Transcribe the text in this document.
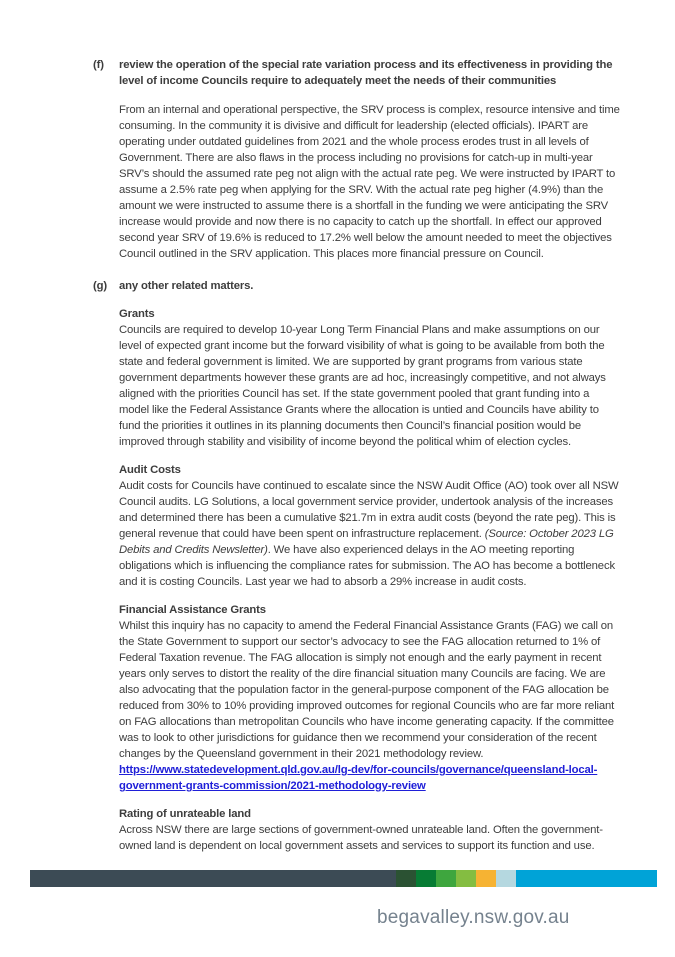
(f)	review the operation of the special rate variation process and its effectiveness in providing the level of income Councils require to adequately meet the needs of their communities

From an internal and operational perspective, the SRV process is complex, resource intensive and time consuming. In the community it is divisive and difficult for leadership (elected officials). IPART are operating under outdated guidelines from 2021 and the whole process erodes trust in all levels of Government. There are also flaws in the process including no provisions for catch-up in multi-year SRV’s should the assumed rate peg not align with the actual rate peg. We were instructed by IPART to assume a 2.5% rate peg when applying for the SRV. With the actual rate peg higher (4.9%) than the amount we were instructed to assume there is a shortfall in the funding we were anticipating the SRV increase would provide and now there is no capacity to catch up the shortfall. In effect our approved second year SRV of 19.6% is reduced to 17.2% well below the amount needed to meet the objectives Council outlined in the SRV application. This places more financial pressure on Council.

(g)	any other related matters.

Grants

Councils are required to develop 10-year Long Term Financial Plans and make assumptions on our level of expected grant income but the forward visibility of what is going to be available from both the state and federal government is limited. We are supported by grant programs from various state government departments however these grants are ad hoc, increasingly competitive, and not always aligned with the priorities Council has set. If the state government pooled that grant funding into a model like the Federal Assistance Grants where the allocation is untied and Councils have ability to fund the priorities it outlines in its planning documents then Council’s financial position would be improved through stability and visibility of income beyond the political whim of election cycles.

Audit Costs

Audit costs for Councils have continued to escalate since the NSW Audit Office (AO) took over all NSW Council audits. LG Solutions, a local government service provider, undertook analysis of the increases and determined there has been a cumulative $21.7m in extra audit costs (beyond the rate peg). This is general revenue that could have been spent on infrastructure replacement. (Source: October 2023 LG Debits and Credits Newsletter). We have also experienced delays in the AO meeting reporting obligations which is influencing the compliance rates for submission. The AO has become a bottleneck and it is costing Councils. Last year we had to absorb a 29% increase in audit costs.

Financial Assistance Grants

Whilst this inquiry has no capacity to amend the Federal Financial Assistance Grants (FAG) we call on the State Government to support our sector’s advocacy to see the FAG allocation returned to 1% of Federal Taxation revenue. The FAG allocation is simply not enough and the early payment in recent years only serves to distort the reality of the dire financial situation many Councils are facing. We are also advocating that the population factor in the general-purpose component of the FAG allocation be reduced from 30% to 10% providing improved outcomes for regional Councils who are far more reliant on FAG allocations than metropolitan Councils who have income generating capacity. If the committee was to look to other jurisdictions for guidance then we recommend your consideration of the recent changes by the Queensland government in their 2021 methodology review.

https://www.statedevelopment.qld.gov.au/lg-dev/for-councils/governance/queensland-local-government-grants-commission/2021-methodology-review

Rating of unrateable land

Across NSW there are large sections of government-owned unrateable land. Often the government-owned land is dependent on local government assets and services to support its function and use.

begavalley.nsw.gov.au
